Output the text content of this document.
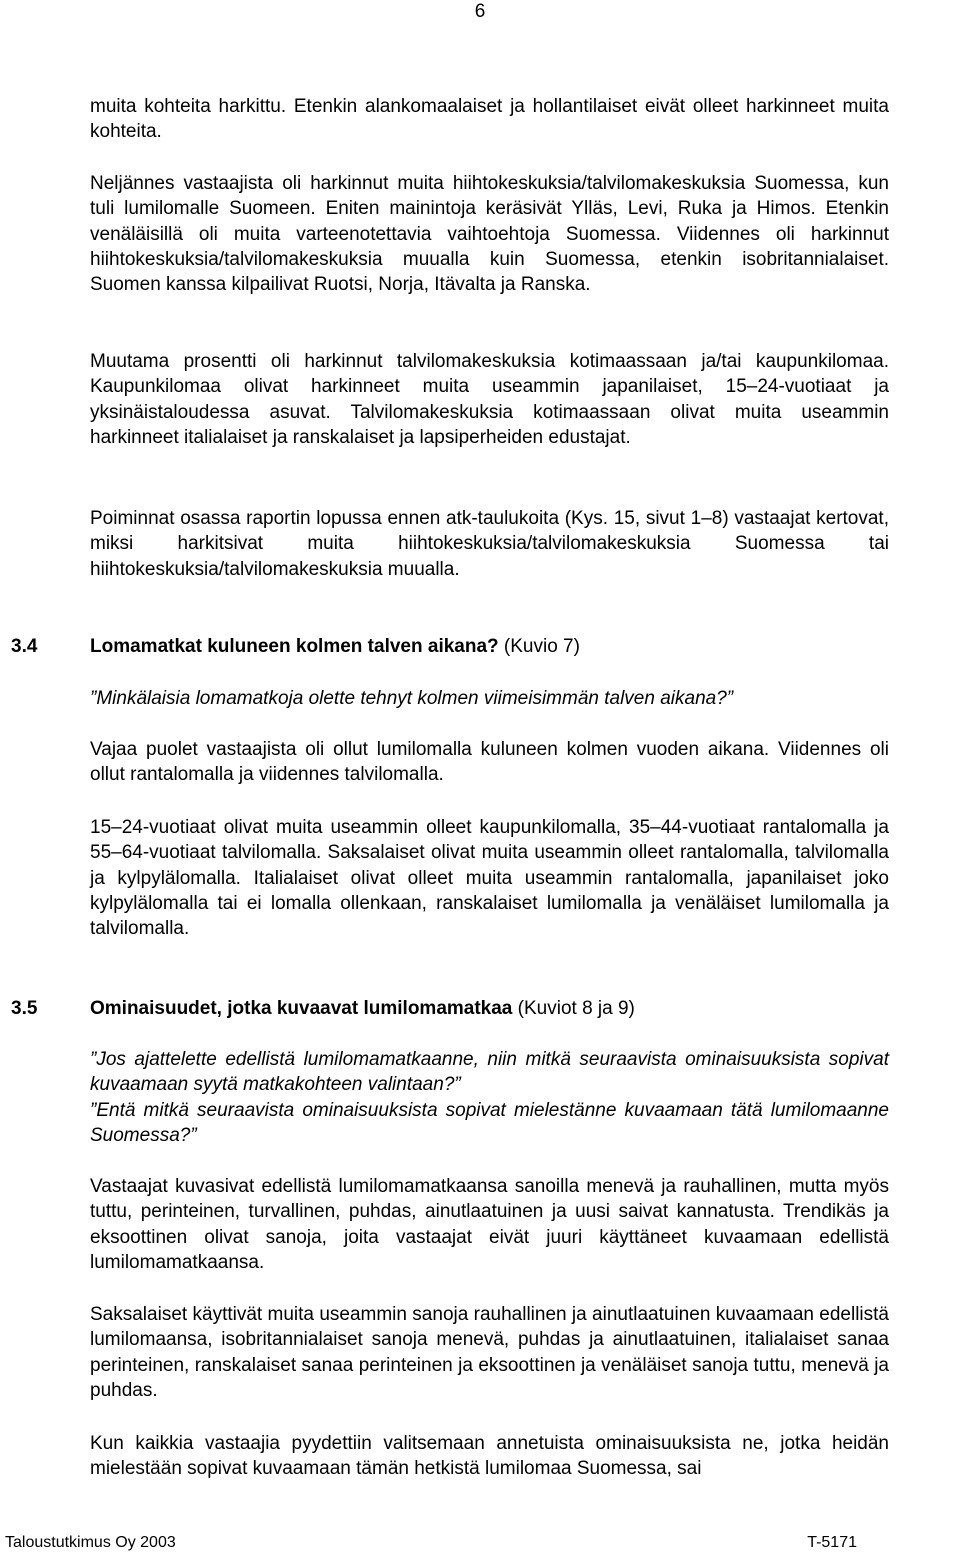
6

muita kohteita harkittu. Etenkin alankomaalaiset ja hollantilaiset eivät olleet harkinneet muita kohteita.

Neljännes vastaajista oli harkinnut muita hiihtokeskuksia/talvilomakeskuksia Suomessa, kun tuli lumilomalle Suomeen. Eniten mainintoja keräsivät Ylläs, Levi, Ruka ja Himos. Etenkin venäläisillä oli muita varteenotettavia vaihtoehtoja Suomessa. Viidennes oli harkinnut hiihtokeskuksia/talvilomakeskuksia muualla kuin Suomessa, etenkin isobritannialaiset. Suomen kanssa kilpailivat Ruotsi, Norja, Itävalta ja Ranska.

Muutama prosentti oli harkinnut talvilomakeskuksia kotimaassaan ja/tai kaupunkilomaa. Kaupunkilomaa olivat harkinneet muita useammin japanilaiset, 15–24-vuotiaat ja yksinäistaloudessa asuvat. Talvilomakeskuksia kotimaassaan olivat muita useammin harkinneet italialaiset ja ranskalaiset ja lapsiperheiden edustajat.

Poiminnat osassa raportin lopussa ennen atk-taulukoita (Kys. 15, sivut 1–8) vastaajat kertovat, miksi harkitsivat muita hiihtokeskuksia/talvilomakeskuksia Suomessa tai hiihtokeskuksia/talvilomakeskuksia muualla.

3.4	Lomamatkat kuluneen kolmen talven aikana? (Kuvio 7)

”Minkälaisia lomamatkoja olette tehnyt kolmen viimeisimmän talven aikana?”

Vajaa puolet vastaajista oli ollut lumilomalla kuluneen kolmen vuoden aikana. Viidennes oli ollut rantalomalla ja viidennes talvilomalla.

15–24-vuotiaat olivat muita useammin olleet kaupunkilomalla, 35–44-vuotiaat rantalomalla ja 55–64-vuotiaat talvilomalla. Saksalaiset olivat muita useammin olleet rantalomalla, talvilomalla ja kylpylälomalla. Italialaiset olivat olleet muita useammin rantalomalla, japanilaiset joko kylpylälomalla tai ei lomalla ollenkaan, ranskalaiset lumilomalla ja venäläiset lumilomalla ja talvilomalla.

3.5	Ominaisuudet, jotka kuvaavat lumilomamatkaa (Kuviot 8 ja 9)

”Jos ajattelette edellistä lumilomamatkaanne, niin mitkä seuraavista ominaisuuksista sopivat kuvaamaan syytä matkakohteen valintaan?”

”Entä mitkä seuraavista ominaisuuksista sopivat mielestänne kuvaamaan tätä lumilomaanne Suomessa?”

Vastaajat kuvasivat edellistä lumilomamatkaansa sanoilla menevä ja rauhallinen, mutta myös tuttu, perinteinen, turvallinen, puhdas, ainutlaatuinen ja uusi saivat kannatusta. Trendikäs ja eksoottinen olivat sanoja, joita vastaajat eivät juuri käyttäneet kuvaamaan edellistä lumilomamatkaansa.

Saksalaiset käyttivät muita useammin sanoja rauhallinen ja ainutlaatuinen kuvaamaan edellistä lumilomaansa, isobritannialaiset sanoja menevä, puhdas ja ainutlaatuinen, italialaiset sanaa perinteinen, ranskalaiset sanaa perinteinen ja eksoottinen ja venäläiset sanoja tuttu, menevä ja puhdas.

Kun kaikkia vastaajia pyydettiin valitsemaan annetuista ominaisuuksista ne, jotka heidän mielestään sopivat kuvaamaan tämän hetkistä lumilomaa Suomessa, sai

Taloustutkimus Oy 2003	T-5171
